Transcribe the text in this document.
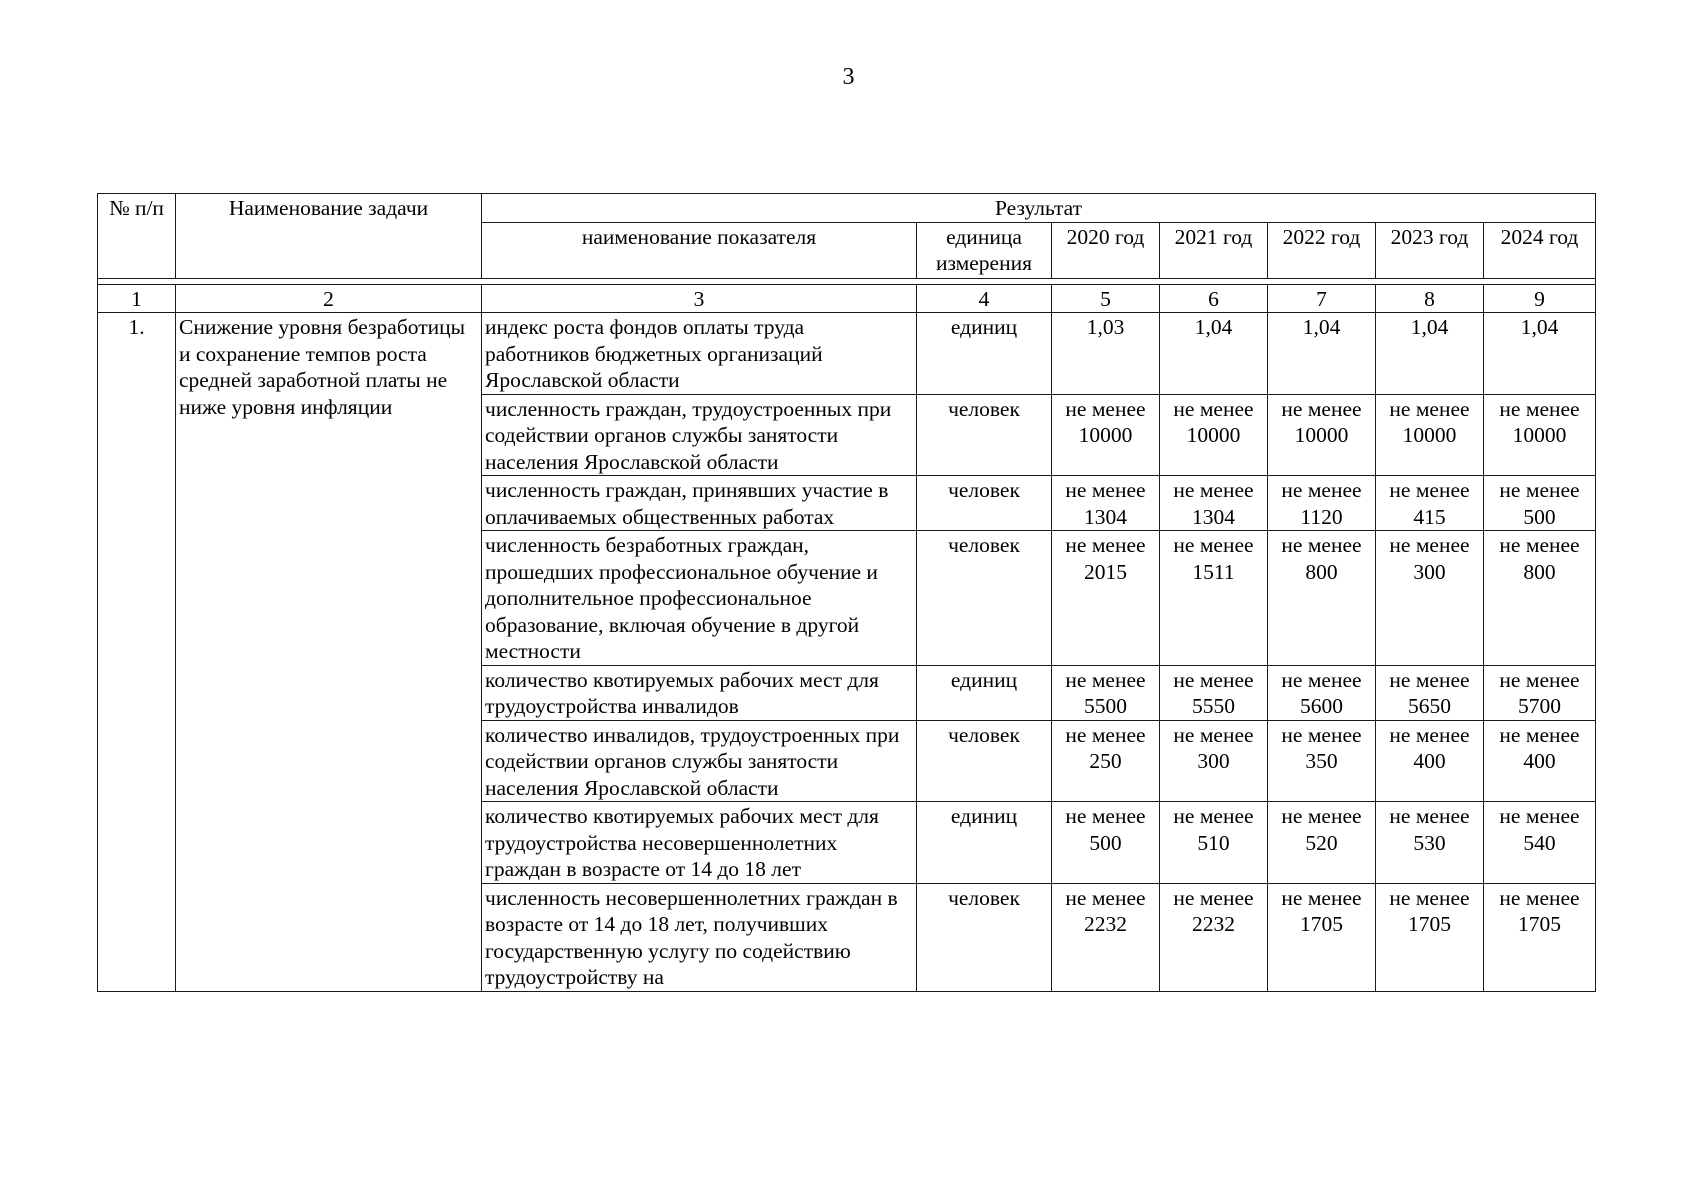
3
№ п/п	Наименование задачи	Результат						
		наименование показателя	единица измерения	2020 год	2021 год	2022 год	2023 год	2024 год

1	2	3	4	5	6	7	8	9
1.	Снижение уровня безработицы и сохранение темпов роста средней заработной платы не ниже уровня инфляции	индекс роста фондов оплаты труда работников бюджетных организаций Ярославской области	единиц	1,03	1,04	1,04	1,04	1,04
		численность граждан, трудоустроенных при содействии органов службы занятости населения Ярославской области	человек	не менее 10000	не менее 10000	не менее 10000	не менее 10000	не менее 10000
		численность граждан, принявших участие в оплачиваемых общественных работах	человек	не менее 1304	не менее 1304	не менее 1120	не менее 415	не менее 500
		численность безработных граждан, прошедших профессиональное обучение и дополнительное профессиональное образование, включая обучение в другой местности	человек	не менее 2015	не менее 1511	не менее 800	не менее 300	не менее 800
		количество квотируемых рабочих мест для трудоустройства инвалидов	единиц	не менее 5500	не менее 5550	не менее 5600	не менее 5650	не менее 5700
		количество инвалидов, трудоустроенных при содействии органов службы занятости населения Ярославской области	человек	не менее 250	не менее 300	не менее 350	не менее 400	не менее 400
		количество квотируемых рабочих мест для трудоустройства несовершеннолетних граждан в возрасте от 14 до 18 лет	единиц	не менее 500	не менее 510	не менее 520	не менее 530	не менее 540
		численность несовершеннолетних граждан в возрасте от 14 до 18 лет, получивших государственную услугу по содействию трудоустройству на	человек	не менее 2232	не менее 2232	не менее 1705	не менее 1705	не менее 1705
